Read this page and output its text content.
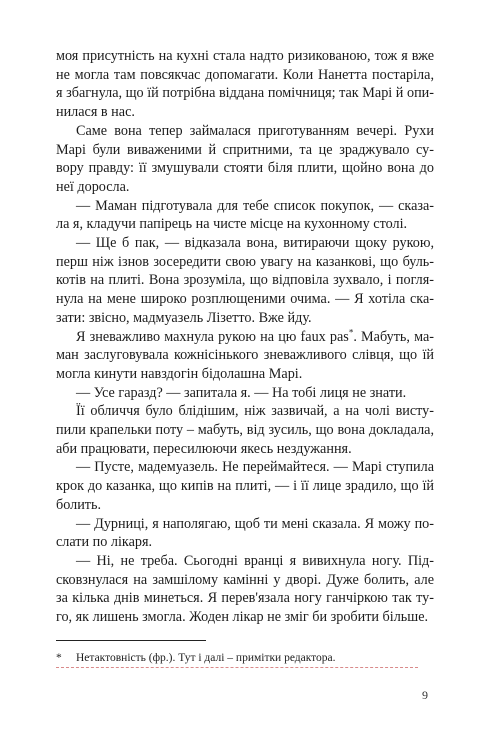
моя присутність на кухні стала надто ризикованою, тож я вже
не могла там повсякчас допомагати. Коли Нанетта постаріла,
я збагнула, що їй потрібна віддана помічниця; так Марі й опи-
нилася в нас.
Саме вона тепер займалася приготуванням вечері. Рухи
Марі були виваженими й спритними, та це зраджувало су-
вору правду: її змушували стояти біля плити, щойно вона до
неї доросла.
— Маман підготувала для тебе список покупок, — сказа-
ла я, кладучи папірець на чисте місце на кухонному столі.
— Ще б пак, — відказала вона, витираючи щоку рукою,
перш ніж ізнов зосередити свою увагу на казанкові, що буль-
котів на плиті. Вона зрозуміла, що відповіла зухвало, і погля-
нула на мене широко розплющеними очима. — Я хотіла ска-
зати: звісно, мадмуазель Лізетто. Вже йду.
Я зневажливо махнула рукою на цю faux pas*. Мабуть, ма-
ман заслуговувала кожнісінького зневажливого слівця, що їй
могла кинути навздогін бідолашна Марі.
— Усе гаразд? — запитала я. — На тобі лиця не знати.
Її обличчя було блідішим, ніж зазвичай, а на чолі висту-
пили крапельки поту – мабуть, від зусиль, що вона докладала,
аби працювати, пересилюючи якесь нездужання.
— Пусте, мадемуазель. Не переймайтеся. — Марі ступила
крок до казанка, що кипів на плиті, — і її лице зрадило, що їй
болить.
— Дурниці, я наполягаю, щоб ти мені сказала. Я можу по-
слати по лікаря.
— Ні, не треба. Сьогодні вранці я вивихнула ногу. Під-
сковзнулася на замшілому камінні у дворі. Дуже болить, але
за кілька днів минеться. Я перев'язала ногу ганчіркою так ту-
го, як лишень змогла. Жоден лікар не зміг би зробити більше.
* Нетактовність (фр.). Тут і далі – примітки редактора.
9
